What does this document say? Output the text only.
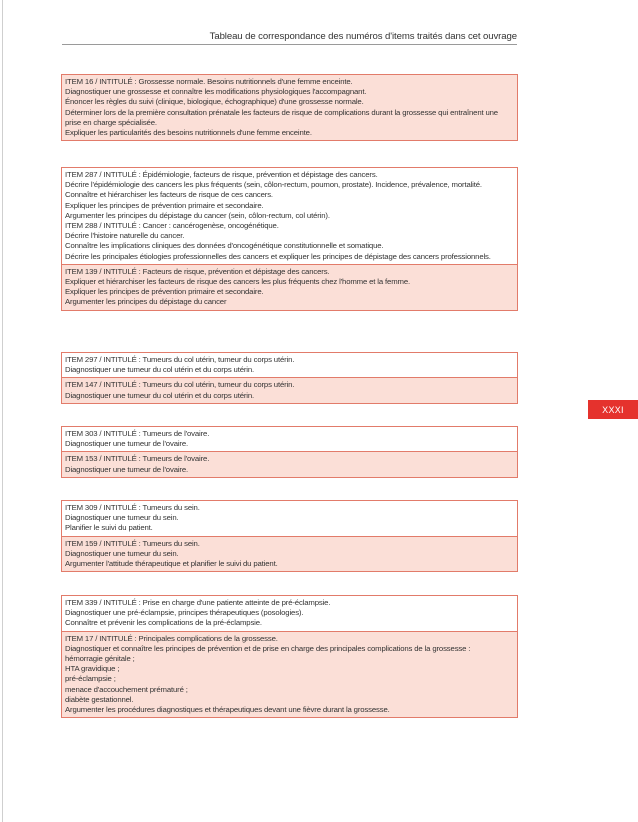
Tableau de correspondance des numéros d'items traités dans cet ouvrage
XXXI
ITEM 16 / INTITULÉ : Grossesse normale. Besoins nutritionnels d'une femme enceinte.
Diagnostiquer une grossesse et connaître les modifications physiologiques l'accompagnant.
Énoncer les règles du suivi (clinique, biologique, échographique) d'une grossesse normale.
Déterminer lors de la première consultation prénatale les facteurs de risque de complications durant la grossesse qui entraînent une prise en charge spécialisée.
Expliquer les particularités des besoins nutritionnels d'une femme enceinte.
ITEM 287 / INTITULÉ : Épidémiologie, facteurs de risque, prévention et dépistage des cancers.
Décrire l'épidémiologie des cancers les plus fréquents (sein, côlon-rectum, poumon, prostate). Incidence, prévalence, mortalité.
Connaître et hiérarchiser les facteurs de risque de ces cancers.
Expliquer les principes de prévention primaire et secondaire.
Argumenter les principes du dépistage du cancer (sein, côlon-rectum, col utérin).
ITEM 288 / INTITULÉ : Cancer : cancérogenèse, oncogénétique.
Décrire l'histoire naturelle du cancer.
Connaître les implications cliniques des données d'oncogénétique constitutionnelle et somatique.
Décrire les principales étiologies professionnelles des cancers et expliquer les principes de dépistage des cancers professionnels.
ITEM 139 / INTITULÉ : Facteurs de risque, prévention et dépistage des cancers.
Expliquer et hiérarchiser les facteurs de risque des cancers les plus fréquents chez l'homme et la femme.
Expliquer les principes de prévention primaire et secondaire.
Argumenter les principes du dépistage du cancer
ITEM 297 / INTITULÉ : Tumeurs du col utérin, tumeur du corps utérin.
Diagnostiquer une tumeur du col utérin et du corps utérin.
ITEM 147 / INTITULÉ : Tumeurs du col utérin, tumeur du corps utérin.
Diagnostiquer une tumeur du col utérin et du corps utérin.
ITEM 303 / INTITULÉ : Tumeurs de l'ovaire.
Diagnostiquer une tumeur de l'ovaire.
ITEM 153 / INTITULÉ : Tumeurs de l'ovaire.
Diagnostiquer une tumeur de l'ovaire.
ITEM 309 / INTITULÉ : Tumeurs du sein.
Diagnostiquer une tumeur du sein.
Planifier le suivi du patient.
ITEM 159 / INTITULÉ : Tumeurs du sein.
Diagnostiquer une tumeur du sein.
Argumenter l'attitude thérapeutique et planifier le suivi du patient.
ITEM 339 / INTITULÉ : Prise en charge d'une patiente atteinte de pré-éclampsie.
Diagnostiquer une pré-éclampsie, principes thérapeutiques (posologies).
Connaître et prévenir les complications de la pré-éclampsie.
ITEM 17 / INTITULÉ : Principales complications de la grossesse.
Diagnostiquer et connaître les principes de prévention et de prise en charge des principales complications de la grossesse :
hémorragie génitale ;
HTA gravidique ;
pré-éclampsie ;
menace d'accouchement prématuré ;
diabète gestationnel.
Argumenter les procédures diagnostiques et thérapeutiques devant une fièvre durant la grossesse.
